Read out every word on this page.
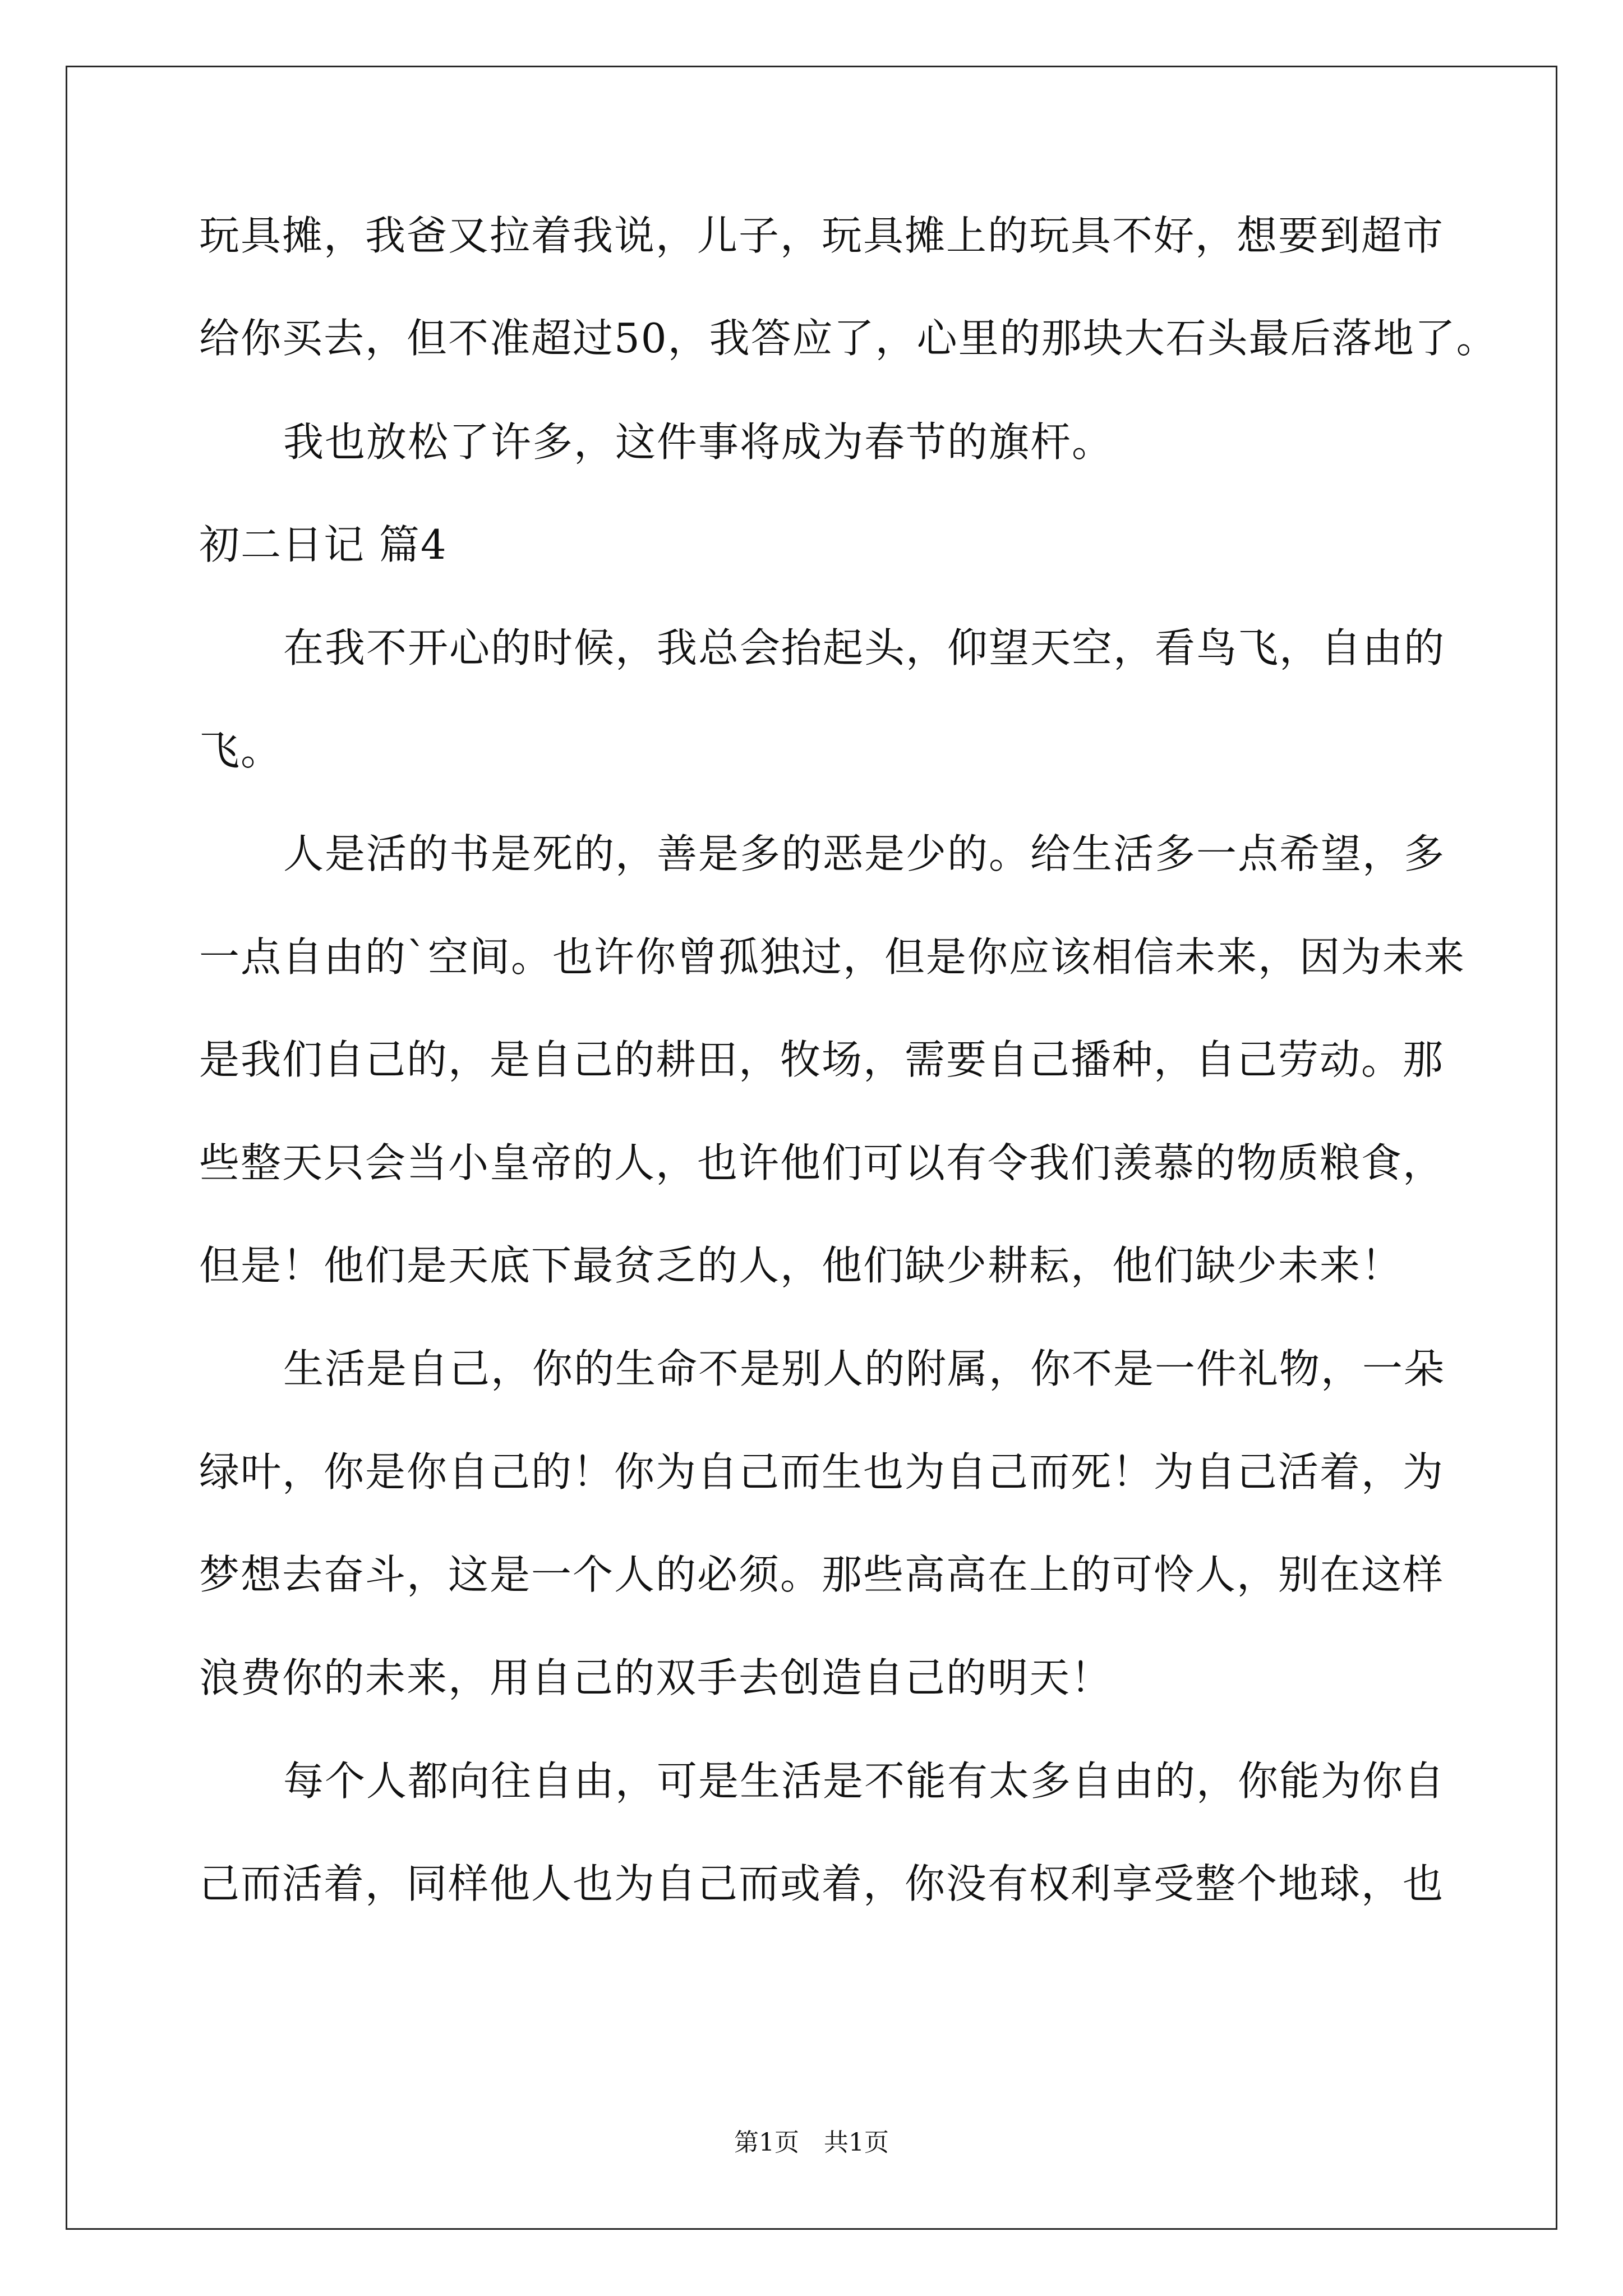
玩具摊，我爸又拉着我说，儿子，玩具摊上的玩具不好，想要到超市
给你买去，但不准超过50，我答应了，心里的那块大石头最后落地了。
我也放松了许多，这件事将成为春节的旗杆。
初二日记 篇4
在我不开心的时候，我总会抬起头，仰望天空，看鸟飞，自由的
飞。
人是活的书是死的，善是多的恶是少的。给生活多一点希望，多
一点自由的`空间。也许你曾孤独过，但是你应该相信未来，因为未来
是我们自己的，是自己的耕田，牧场，需要自己播种，自己劳动。那
些整天只会当小皇帝的人，也许他们可以有令我们羡慕的物质粮食，
但是！他们是天底下最贫乏的人，他们缺少耕耘，他们缺少未来！
生活是自己，你的生命不是别人的附属，你不是一件礼物，一朵
绿叶，你是你自己的！你为自己而生也为自己而死！为自己活着，为
梦想去奋斗，这是一个人的必须。那些高高在上的可怜人，别在这样
浪费你的未来，用自己的双手去创造自己的明天！
每个人都向往自由，可是生活是不能有太多自由的，你能为你自
己而活着，同样他人也为自己而或着，你没有权利享受整个地球，也
第1页　共1页
